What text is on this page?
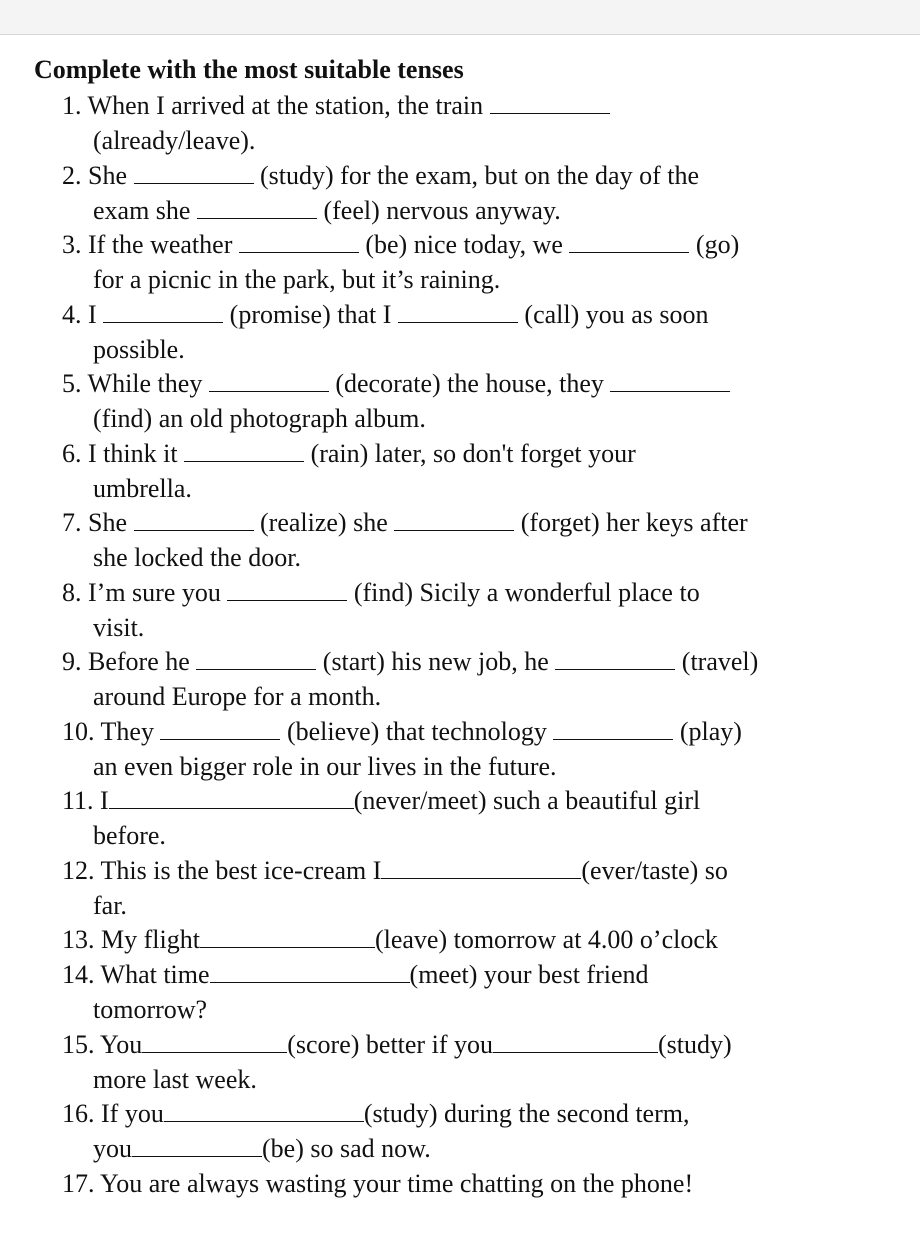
Complete with the most suitable tenses
1. When I arrived at the station, the train
(already/leave).
2. She	(study) for the exam, but on the day of the
exam she	(feel) nervous anyway.
3. If the weather	(be) nice today, we	(go)
for a picnic in the park, but it’s raining.
4. I	(promise) that I	(call) you as soon
possible.
5. While they	(decorate) the house, they
(find) an old photograph album.
6. I think it	(rain) later, so don't forget your
umbrella.
7. She	(realize) she	(forget) her keys after
she locked the door.
8. I’m sure you	(find) Sicily a wonderful place to
visit.
9. Before he	(start) his new job, he	(travel)
around Europe for a month.
10. They	(believe) that technology	(play)
an even bigger role in our lives in the future.
11. I	(never/meet) such a beautiful girl
before.
12. This is the best ice-cream I	(ever/taste) so
far.
13. My flight	(leave) tomorrow at 4.00 o’clock
14. What time	(meet) your best friend
tomorrow?
15. You	(score) better if you	(study)
more last week.
16. If you	(study) during the second term,
you	(be) so sad now.
17. You are always wasting your time chatting on the phone!
